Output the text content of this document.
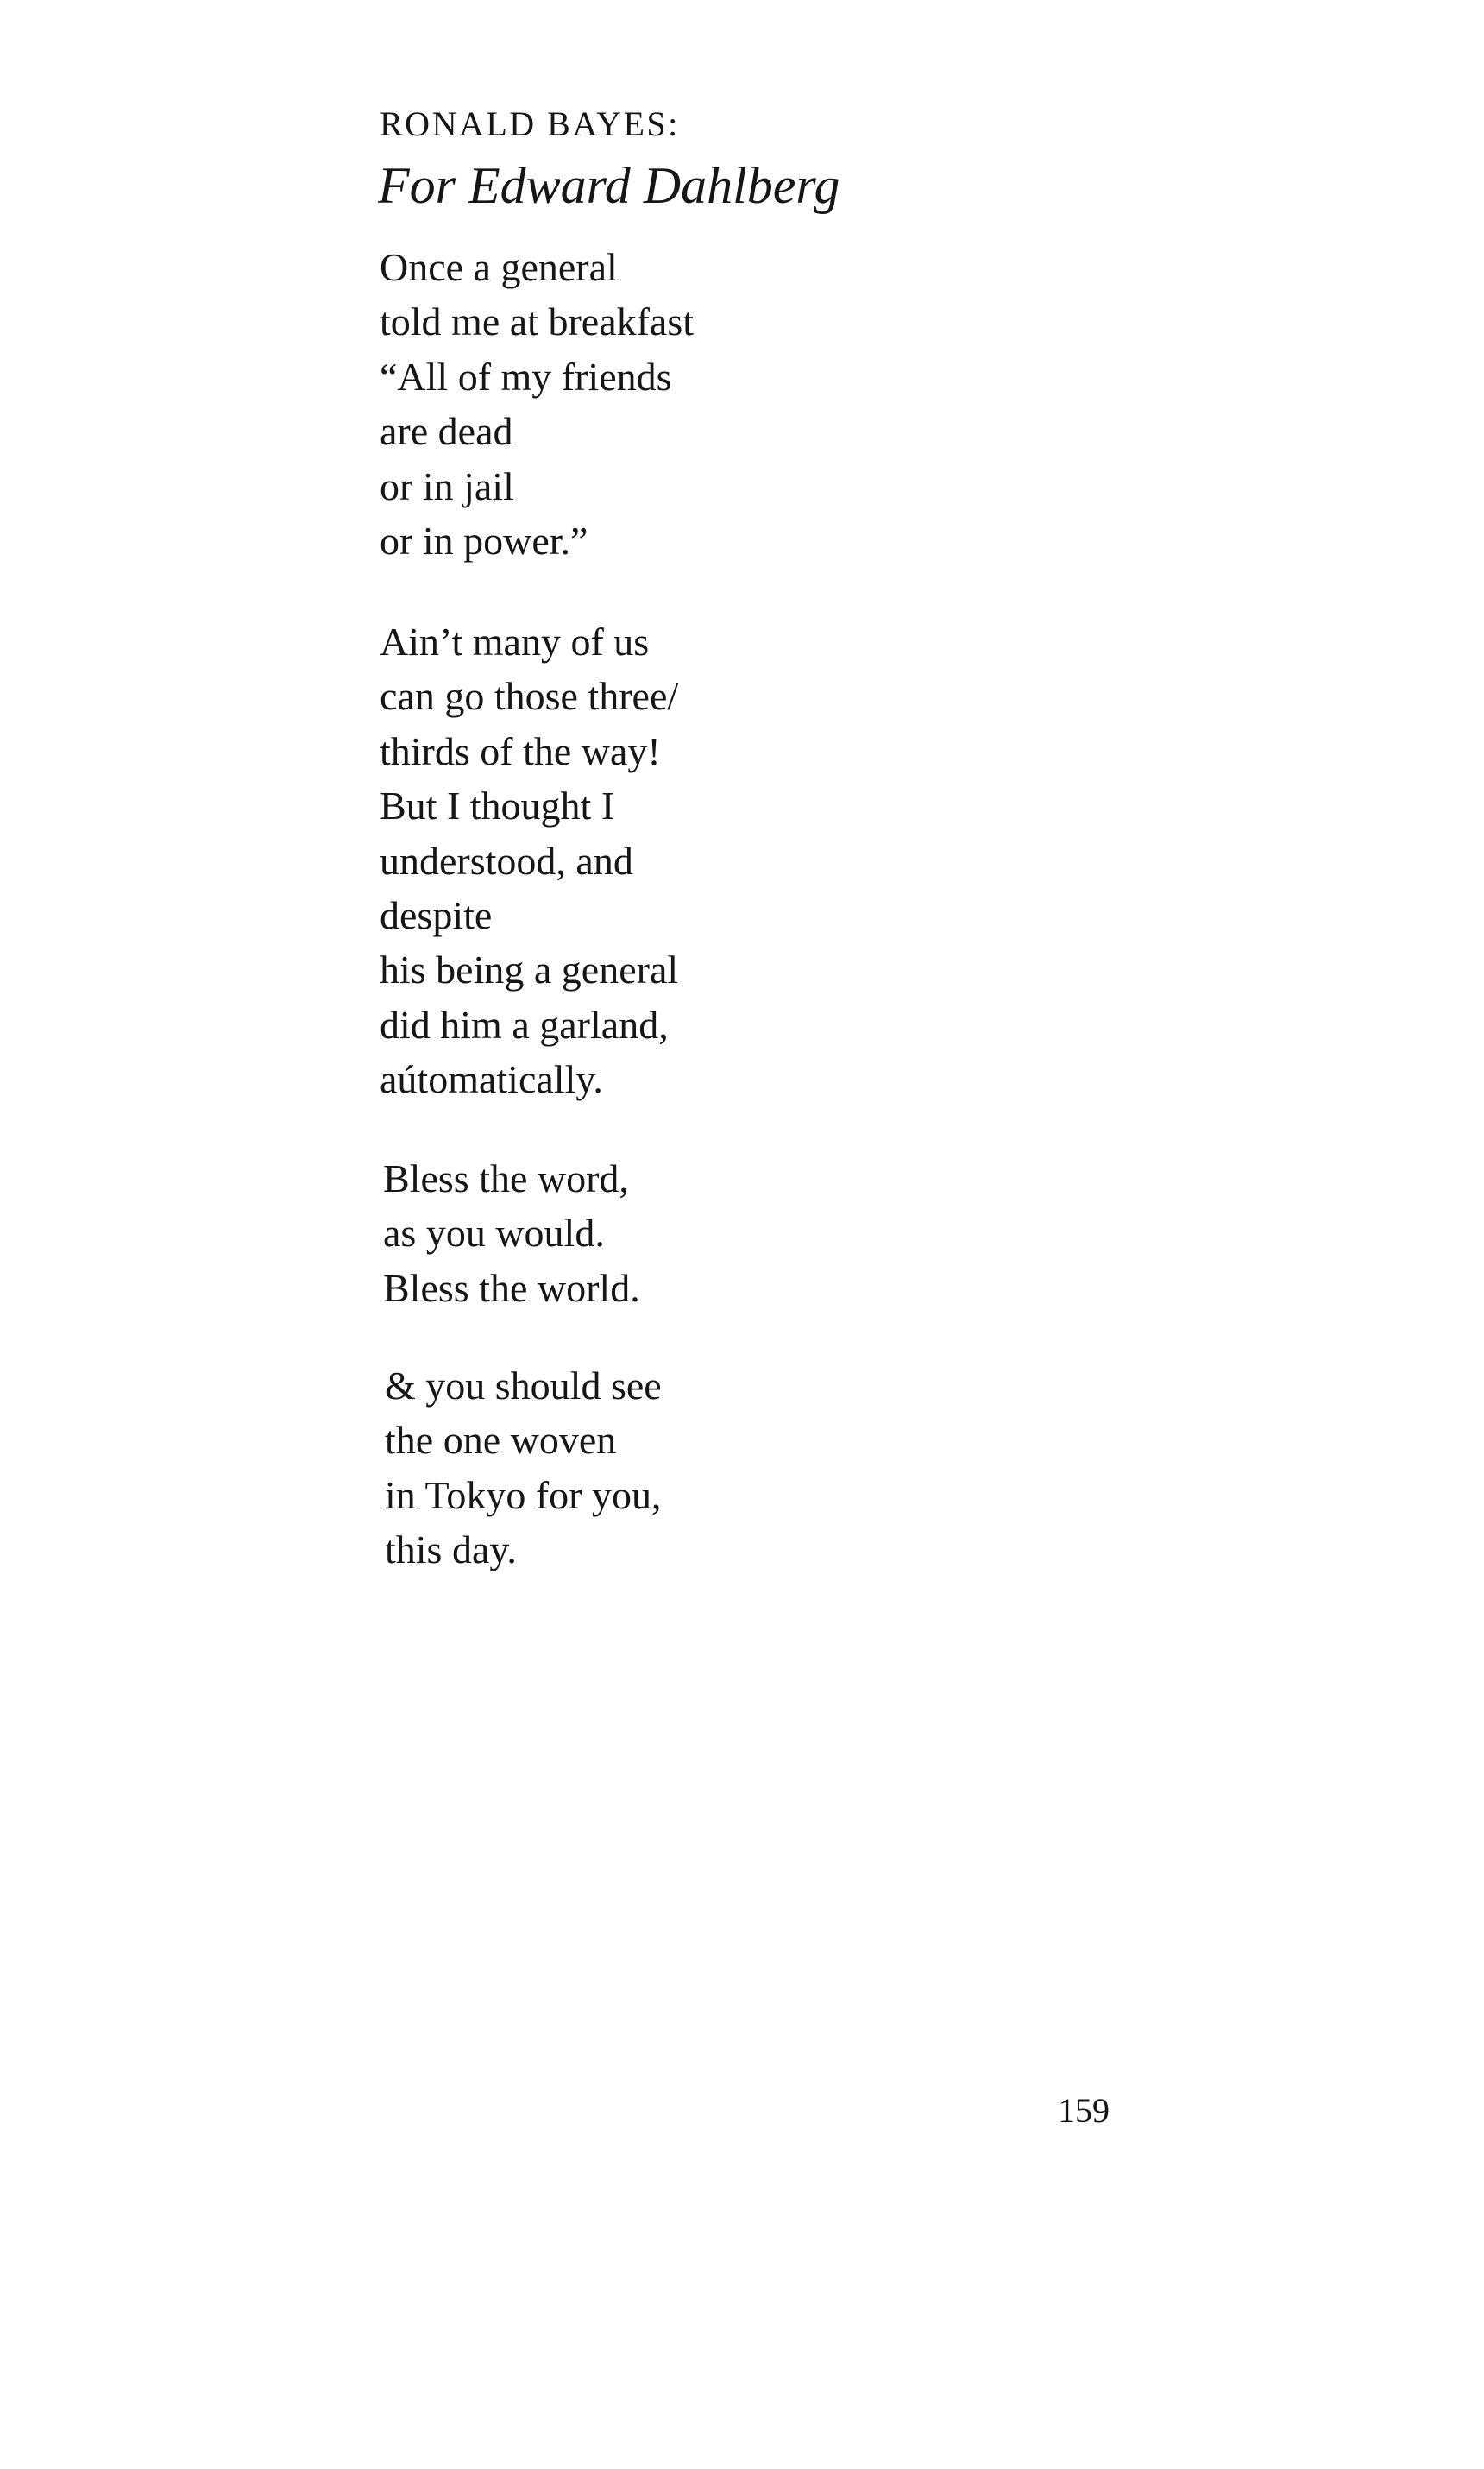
RONALD BAYES:
For Edward Dahlberg
Once a general
told me at breakfast
“All of my friends
are dead
or in jail
or in power.”
Ain’t many of us
can go those three/
thirds of the way!
But I thought I
understood, and
despite
his being a general
did him a garland,
aútomatically.
Bless the word,
as you would.
Bless the world.
& you should see
the one woven
in Tokyo for you,
this day.
159
